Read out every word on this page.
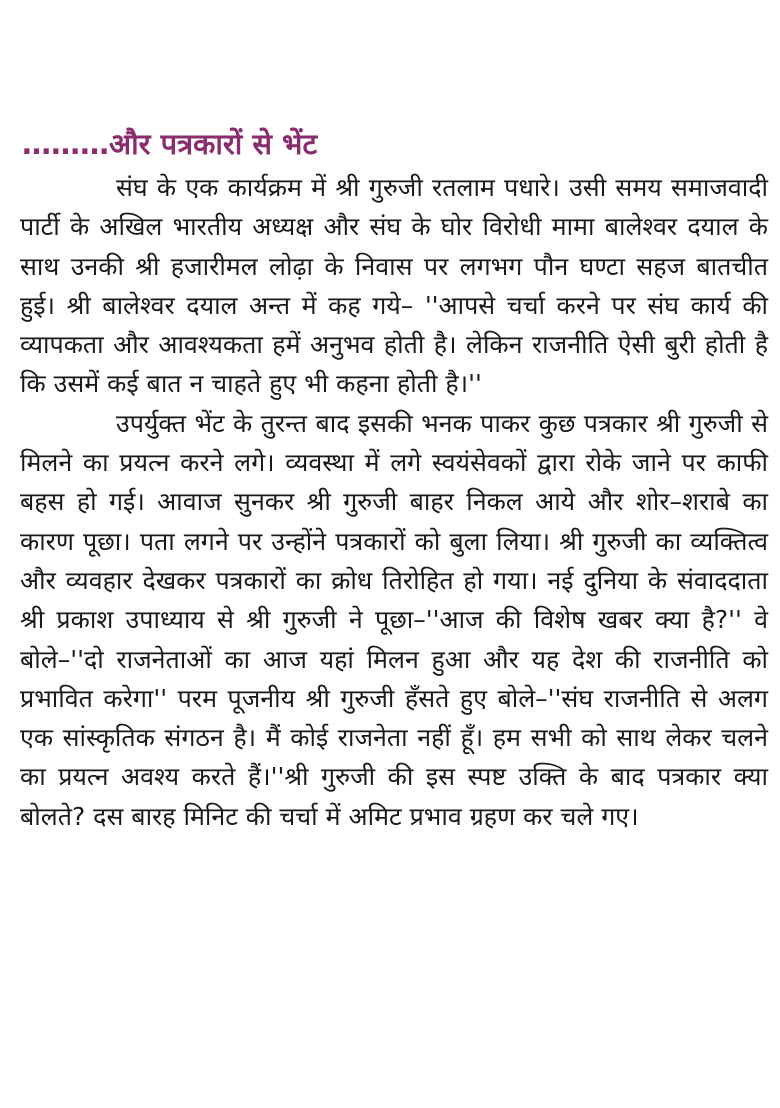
………और पत्रकारों से भेंट

संघ के एक कार्यक्रम में श्री गुरुजी रतलाम पधारे। उसी समय समाजवादी पार्टी के अखिल भारतीय अध्यक्ष और संघ के घोर विरोधी मामा बालेश्वर दयाल के साथ उनकी श्री हजारीमल लोढ़ा के निवास पर लगभग पौन घण्टा सहज बातचीत हुई। श्री बालेश्वर दयाल अन्त में कह गये– ''आपसे चर्चा करने पर संघ कार्य की व्यापकता और आवश्यकता हमें अनुभव होती है। लेकिन राजनीति ऐसी बुरी होती है कि उसमें कई बात न चाहते हुए भी कहना होती है।''

उपर्युक्त भेंट के तुरन्त बाद इसकी भनक पाकर कुछ पत्रकार श्री गुरुजी से मिलने का प्रयत्न करने लगे। व्यवस्था में लगे स्वयंसेवकों द्वारा रोके जाने पर काफी बहस हो गई। आवाज सुनकर श्री गुरुजी बाहर निकल आये और शोर–शराबे का कारण पूछा। पता लगने पर उन्होंने पत्रकारों को बुला लिया। श्री गुरुजी का व्यक्तित्व और व्यवहार देखकर पत्रकारों का क्रोध तिरोहित हो गया। नई दुनिया के संवाददाता श्री प्रकाश उपाध्याय से श्री गुरुजी ने पूछा–''आज की विशेष खबर क्या है?'' वे बोले–''दो राजनेताओं का आज यहां मिलन हुआ और यह देश की राजनीति को प्रभावित करेगा'' परम पूजनीय श्री गुरुजी हँसते हुए बोले–''संघ राजनीति से अलग एक सांस्कृतिक संगठन है। मैं कोई राजनेता नहीं हूँ। हम सभी को साथ लेकर चलने का प्रयत्न अवश्य करते हैं।''श्री गुरुजी की इस स्पष्ट उक्ति के बाद पत्रकार क्या बोलते? दस बारह मिनिट की चर्चा में अमिट प्रभाव ग्रहण कर चले गए।
